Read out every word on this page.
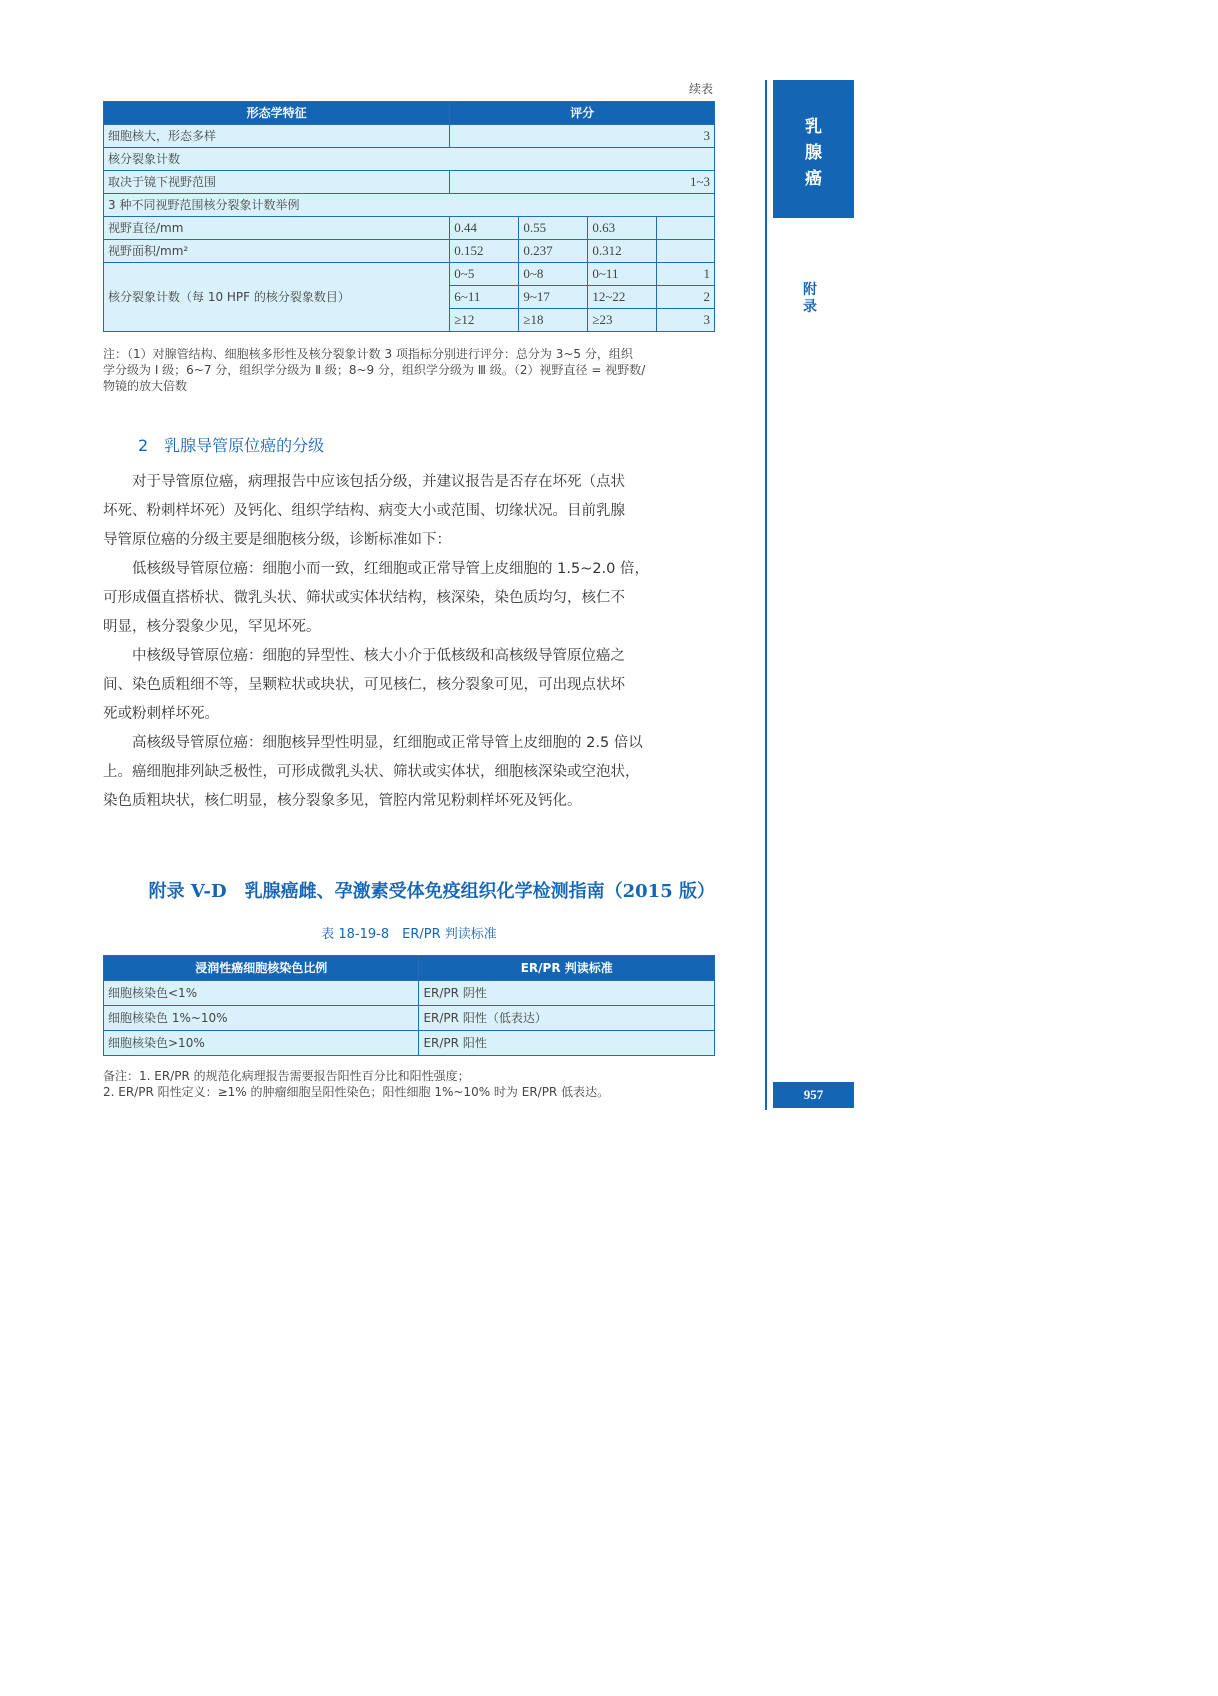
续表
形态学特征	评分			
细胞核大，形态多样	3			
核分裂象计数				
取决于镜下视野范围	1~3			
3 种不同视野范围核分裂象计数举例				
视野直径/mm	0.44	0.55	0.63	
视野面积/mm²	0.152	0.237	0.312	
核分裂象计数（每 10 HPF 的核分裂象数目）	0~5	0~8	0~11	1
	6~11	9~17	12~22	2
	≥12	≥18	≥23	3
注：（1）对腺管结构、细胞核多形性及核分裂象计数 3 项指标分别进行评分：总分为 3~5 分，组织
学分级为 Ⅰ 级；6~7 分，组织学分级为 Ⅱ 级；8~9 分，组织学分级为 Ⅲ 级。（2）视野直径 = 视野数/
物镜的放大倍数
2　乳腺导管原位癌的分级
对于导管原位癌，病理报告中应该包括分级，并建议报告是否存在坏死（点状
坏死、粉刺样坏死）及钙化、组织学结构、病变大小或范围、切缘状况。目前乳腺
导管原位癌的分级主要是细胞核分级，诊断标准如下：
低核级导管原位癌：细胞小而一致，红细胞或正常导管上皮细胞的 1.5~2.0 倍，
可形成僵直搭桥状、微乳头状、筛状或实体状结构，核深染，染色质均匀，核仁不
明显，核分裂象少见，罕见坏死。
中核级导管原位癌：细胞的异型性、核大小介于低核级和高核级导管原位癌之
间、染色质粗细不等，呈颗粒状或块状，可见核仁，核分裂象可见，可出现点状坏
死或粉刺样坏死。
高核级导管原位癌：细胞核异型性明显，红细胞或正常导管上皮细胞的 2.5 倍以
上。癌细胞排列缺乏极性，可形成微乳头状、筛状或实体状，细胞核深染或空泡状，
染色质粗块状，核仁明显，核分裂象多见，管腔内常见粉刺样坏死及钙化。
附录 V-D　乳腺癌雌、孕激素受体免疫组织化学检测指南（2015 版）
表 18-19-8　ER/PR 判读标准
浸润性癌细胞核染色比例	ER/PR 判读标准
细胞核染色<1%	ER/PR 阴性
细胞核染色 1%~10%	ER/PR 阳性（低表达）
细胞核染色>10%	ER/PR 阳性
备注：1. ER/PR 的规范化病理报告需要报告阳性百分比和阳性强度；
2. ER/PR 阳性定义：≥1% 的肿瘤细胞呈阳性染色；阳性细胞 1%~10% 时为 ER/PR 低表达。
乳
腺
癌
附
录
957
